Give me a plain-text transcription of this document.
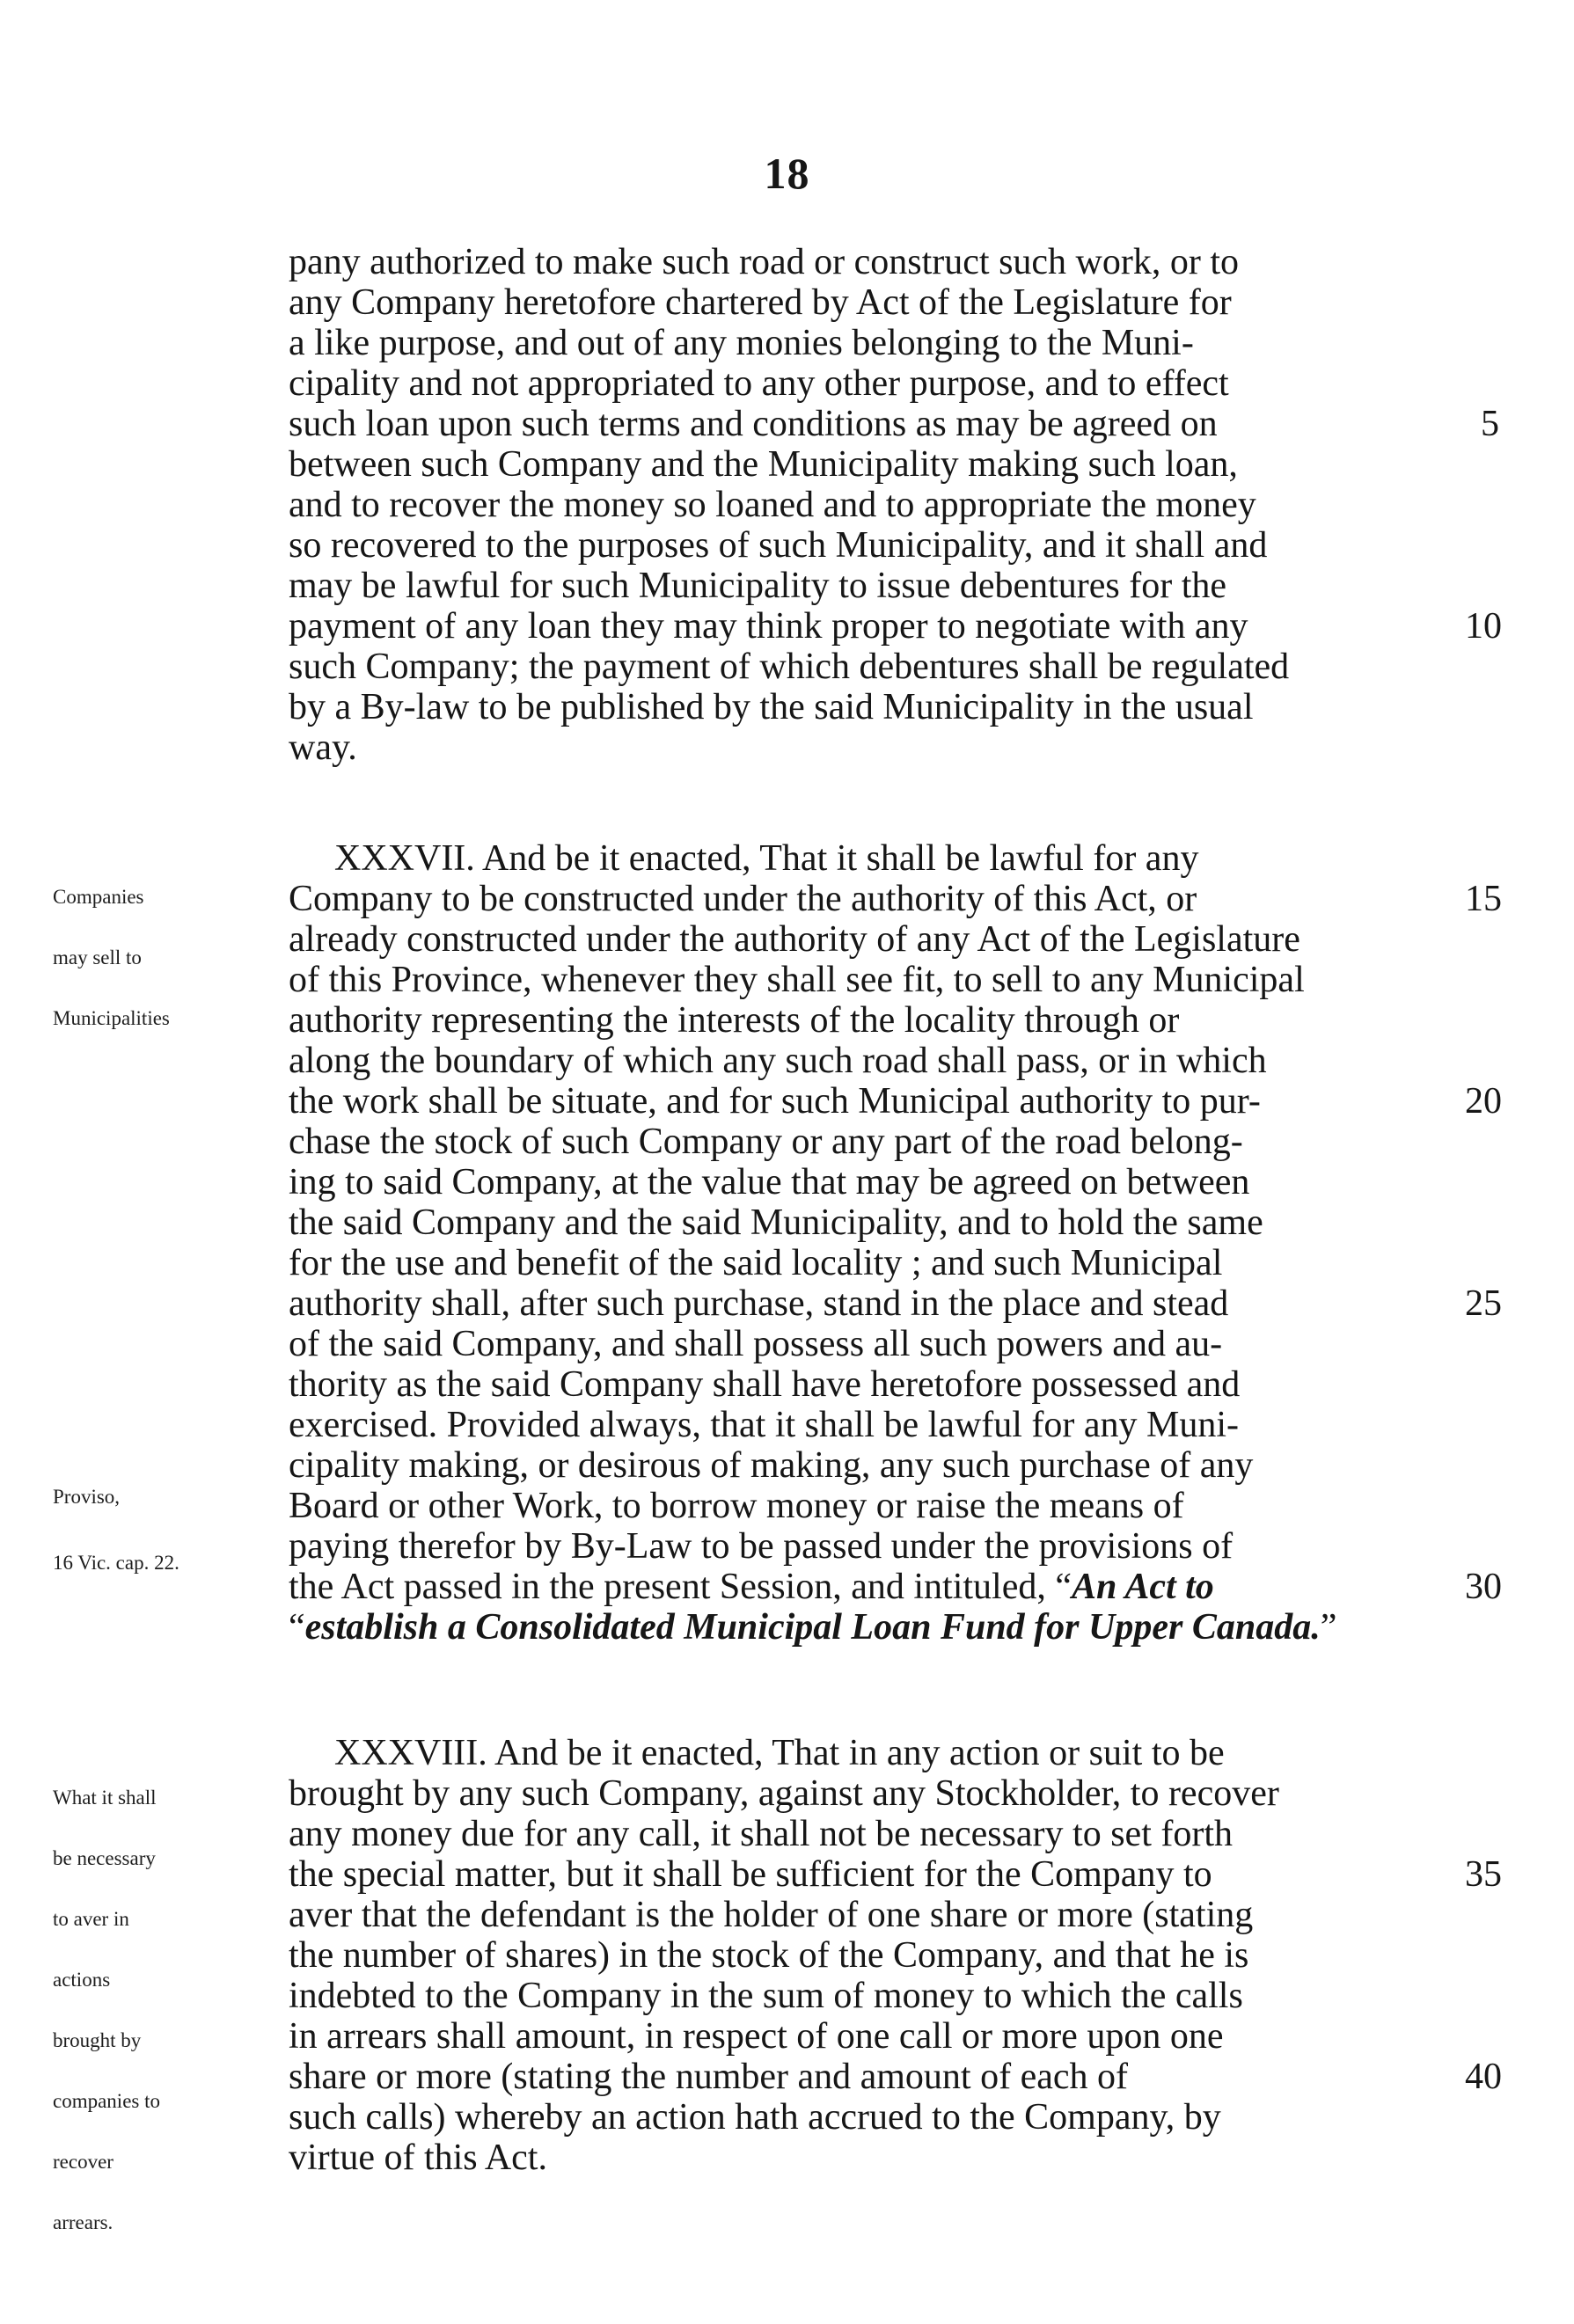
18
pany authorized to make such road or construct such work, or to
any Company heretofore chartered by Act of the Legislature for
a like purpose, and out of any monies belonging to the Muni-
cipality and not appropriated to any other purpose, and to effect
such loan upon such terms and conditions as may be agreed on
between such Company and the Municipality making such loan,
and to recover the money so loaned and to appropriate the money
so recovered to the purposes of such Municipality, and it shall and
may be lawful for such Municipality to issue debentures for the
payment of any loan they may think proper to negotiate with any
such Company; the payment of which debentures shall be regulated
by a By-law to be published by the said Municipality in the usual
way.
XXXVII. And be it enacted, That it shall be lawful for any
Company to be constructed under the authority of this Act, or
already constructed under the authority of any Act of the Legislature
of this Province, whenever they shall see fit, to sell to any Municipal
authority representing the interests of the locality through or
along the boundary of which any such road shall pass, or in which
the work shall be situate, and for such Municipal authority to pur-
chase the stock of such Company or any part of the road belong-
ing to said Company, at the value that may be agreed on between
the said Company and the said Municipality, and to hold the same
for the use and benefit of the said locality ; and such Municipal
authority shall, after such purchase, stand in the place and stead
of the said Company, and shall possess all such powers and au-
thority as the said Company shall have heretofore possessed and
exercised. Provided always, that it shall be lawful for any Muni-
cipality making, or desirous of making, any such purchase of any
Board or other Work, to borrow money or raise the means of
paying therefor by By-Law to be passed under the provisions of
the Act passed in the present Session, and intituled, “An Act to
“establish a Consolidated Municipal Loan Fund for Upper Canada.”
XXXVIII. And be it enacted, That in any action or suit to be
brought by any such Company, against any Stockholder, to recover
any money due for any call, it shall not be necessary to set forth
the special matter, but it shall be sufficient for the Company to
aver that the defendant is the holder of one share or more (stating
the number of shares) in the stock of the Company, and that he is
indebted to the Company in the sum of money to which the calls
in arrears shall amount, in respect of one call or more upon one
share or more (stating the number and amount of each of
such calls) whereby an action hath accrued to the Company, by
virtue of this Act.
5
10
15
20
25
30
35
40

Companies

may sell to

Municipalities

Proviso,

16 Vic. cap. 22.

What it shall

be necessary

to aver in

actions

brought by

companies to

recover

arrears.
